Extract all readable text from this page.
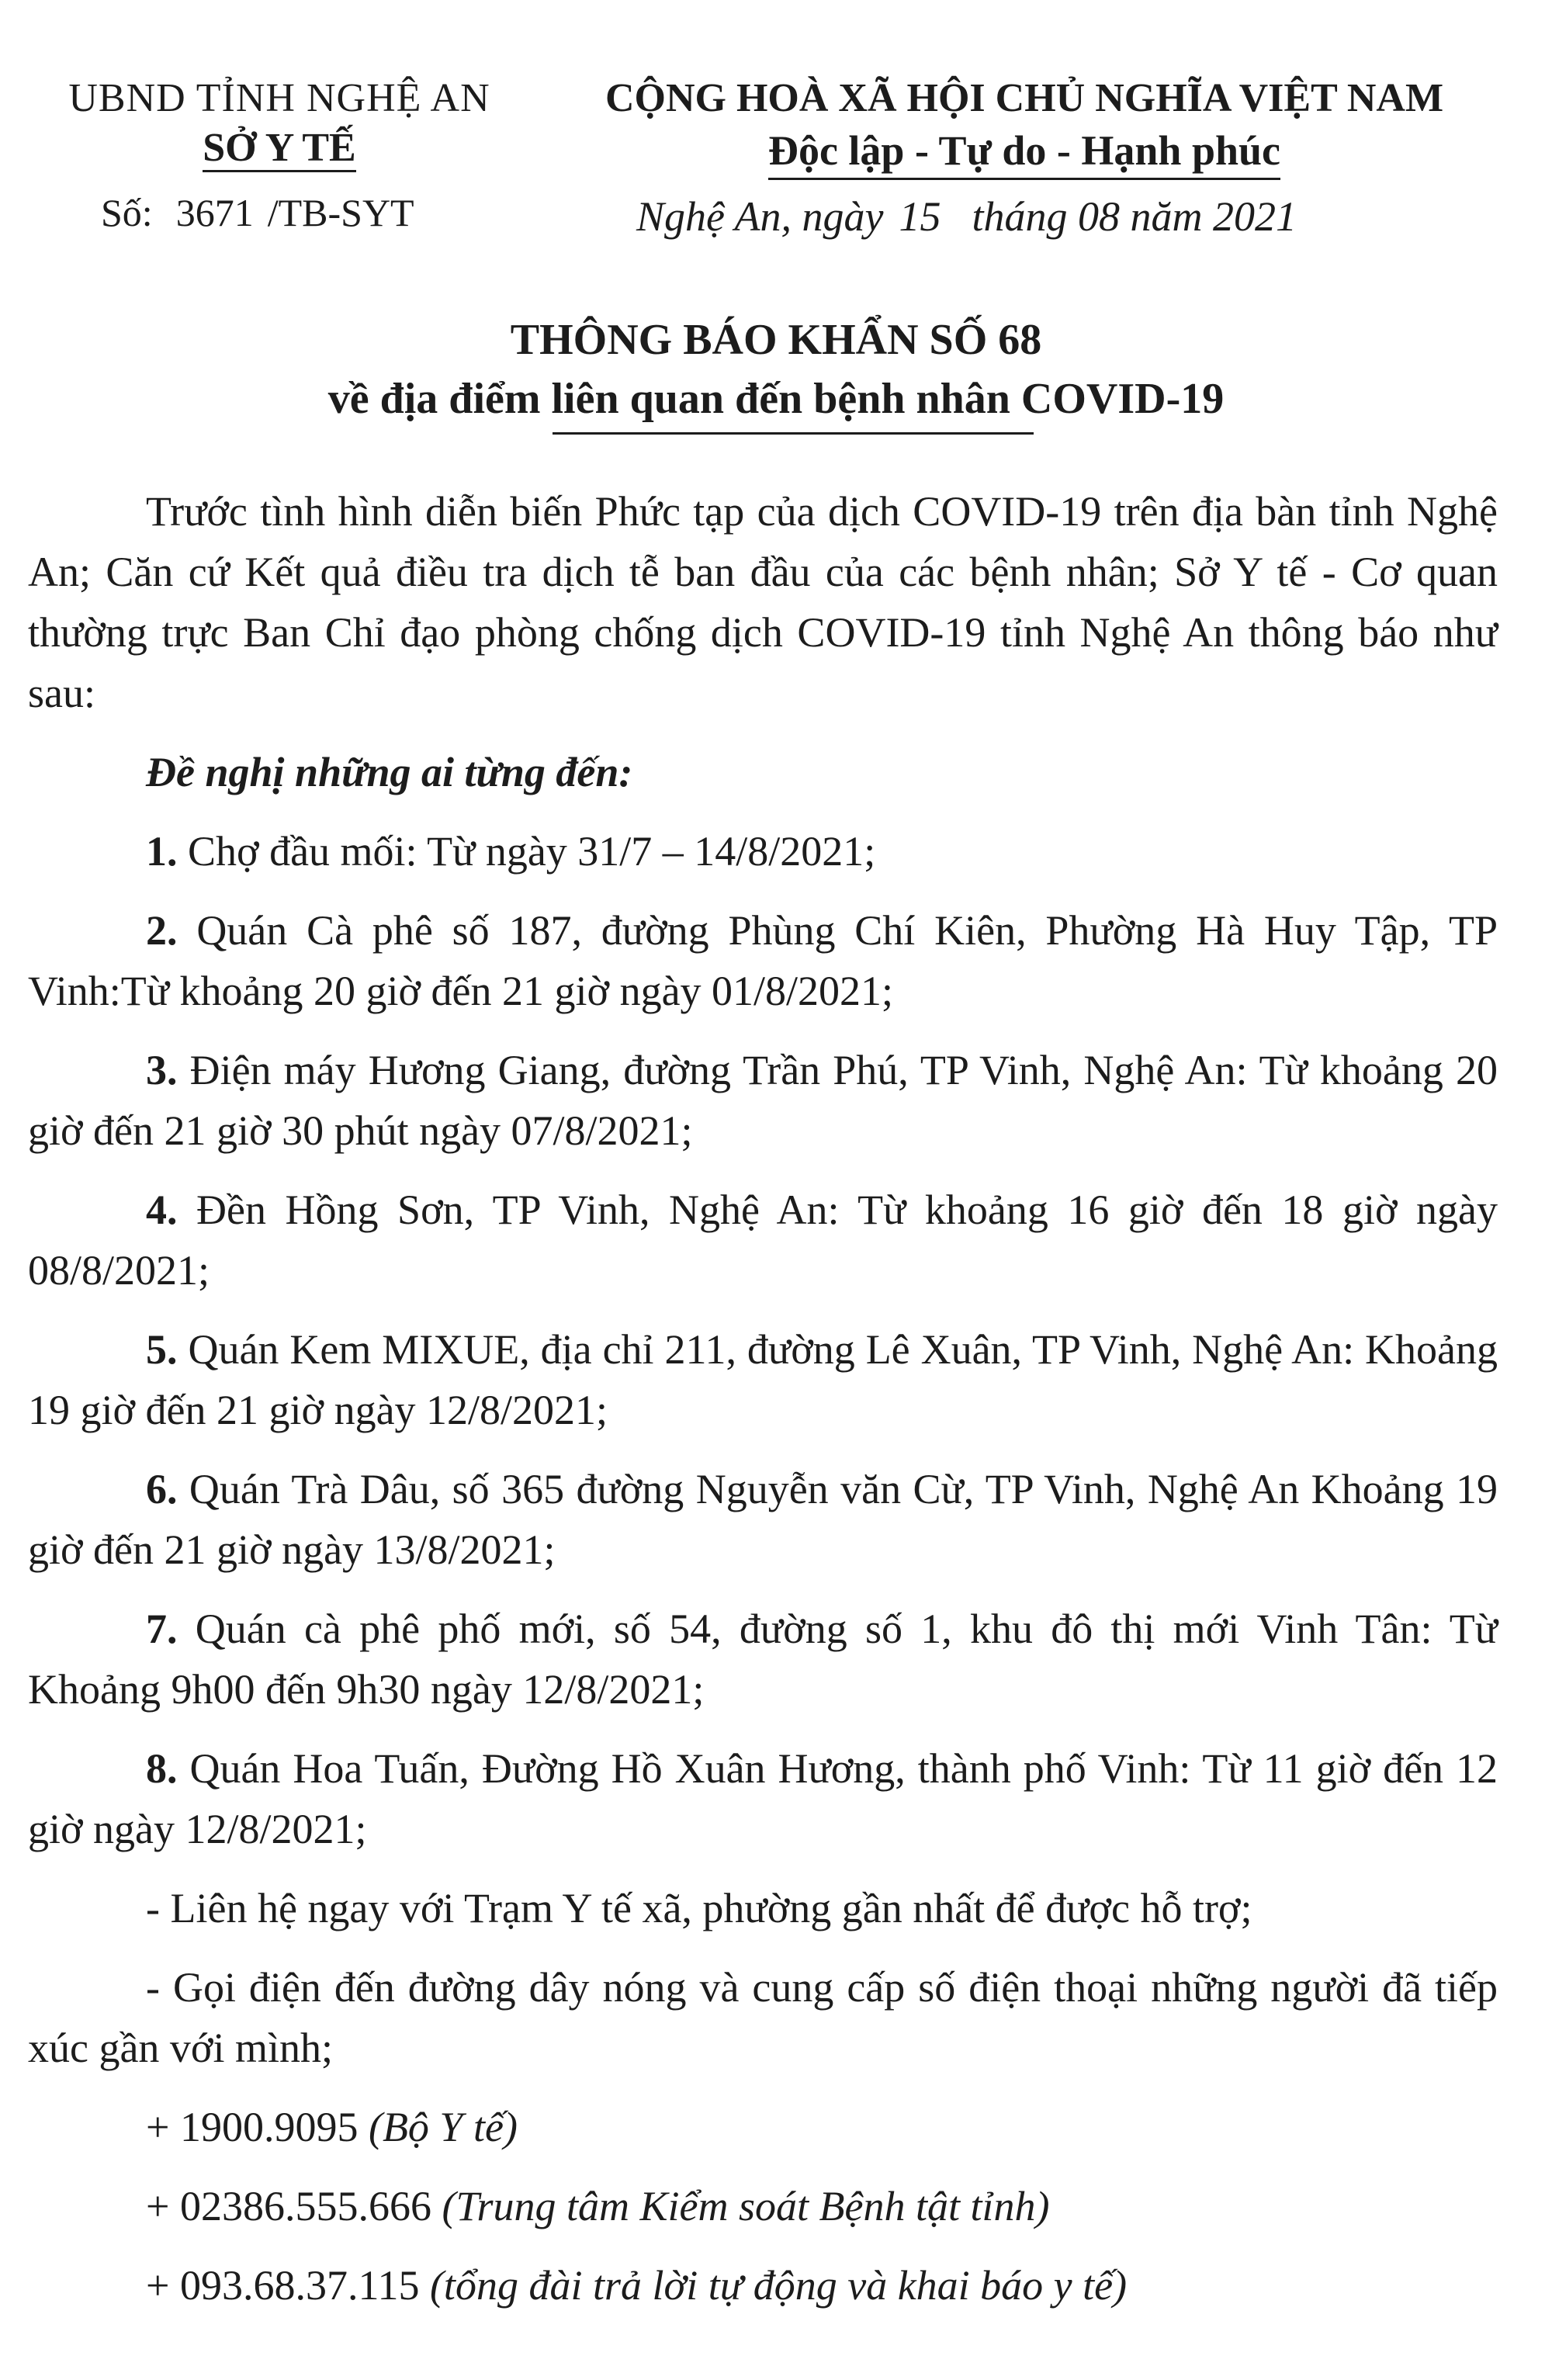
UBND TỈNH NGHỆ AN
SỞ Y TẾ
Số: 3671 /TB-SYT
CỘNG HOÀ XÃ HỘI CHỦ NGHĨA VIỆT NAM
Độc lập - Tự do - Hạnh phúc
Nghệ An, ngày 15 tháng 08 năm 2021
THÔNG BÁO KHẨN SỐ 68
về địa điểm liên quan đến bệnh nhân COVID-19

Trước tình hình diễn biến Phức tạp của dịch COVID-19 trên địa bàn tỉnh Nghệ An; Căn cứ Kết quả điều tra dịch tễ ban đầu của các bệnh nhân; Sở Y tế - Cơ quan thường trực Ban Chỉ đạo phòng chống dịch COVID-19 tỉnh Nghệ An thông báo như sau:

Đề nghị những ai từng đến:

1. Chợ đầu mối: Từ ngày 31/7 – 14/8/2021;

2. Quán Cà phê số 187, đường Phùng Chí Kiên, Phường Hà Huy Tập, TP Vinh:Từ khoảng 20 giờ đến 21 giờ ngày 01/8/2021;

3. Điện máy Hương Giang, đường Trần Phú, TP Vinh, Nghệ An: Từ khoảng 20 giờ đến 21 giờ 30 phút ngày 07/8/2021;

4. Đền Hồng Sơn, TP Vinh, Nghệ An: Từ khoảng 16 giờ đến 18 giờ ngày 08/8/2021;

5. Quán Kem MIXUE, địa chỉ 211, đường Lê Xuân, TP Vinh, Nghệ An: Khoảng 19 giờ đến 21 giờ ngày 12/8/2021;

6. Quán Trà Dâu, số 365 đường Nguyễn văn Cừ, TP Vinh, Nghệ An Khoảng 19 giờ đến 21 giờ ngày 13/8/2021;

7. Quán cà phê phố mới, số 54, đường số 1, khu đô thị mới Vinh Tân: Từ Khoảng 9h00 đến 9h30 ngày 12/8/2021;

8. Quán Hoa Tuấn, Đường Hồ Xuân Hương, thành phố Vinh: Từ 11 giờ đến 12 giờ ngày 12/8/2021;

- Liên hệ ngay với Trạm Y tế xã, phường gần nhất để được hỗ trợ;

- Gọi điện đến đường dây nóng và cung cấp số điện thoại những người đã tiếp xúc gần với mình;

+ 1900.9095 (Bộ Y tế)

+ 02386.555.666 (Trung tâm Kiểm soát Bệnh tật tỉnh)

+ 093.68.37.115 (tổng đài trả lời tự động và khai báo y tế)
